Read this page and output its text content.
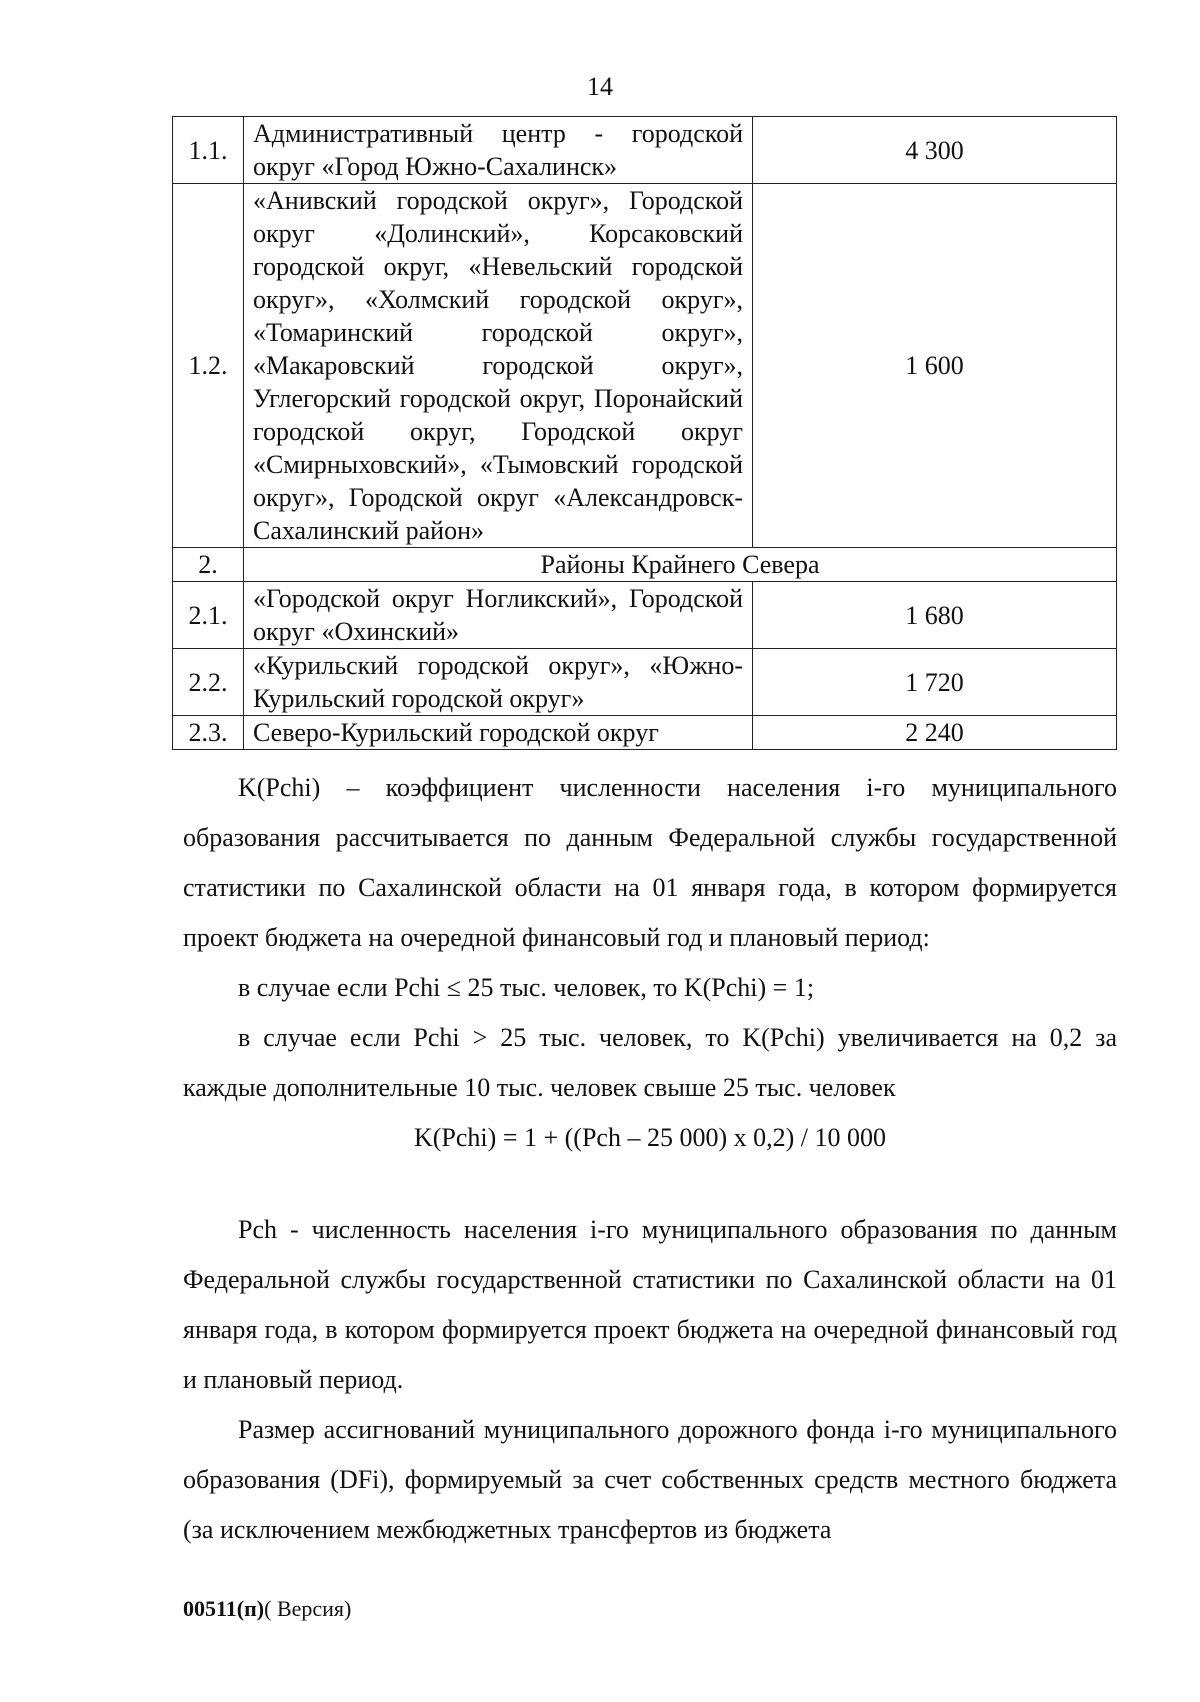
14
1.1.	Административный центр - городской округ «Город Южно-Сахалинск»	4 300
1.2.	«Анивский городской округ», Городской округ «Долинский», Корсаковский городской округ, «Невельский городской округ», «Холмский городской округ», «Томаринский городской округ», «Макаровский городской округ», Углегорский городской округ, Поронайский городской округ, Городской округ «Смирныховский», «Тымовский городской округ», Городской округ «Александровск-Сахалинский район»	1 600
2.	Районы Крайнего Севера	
2.1.	«Городской округ Ногликский», Городской округ «Охинский»	1 680
2.2.	«Курильский городской округ», «Южно-Курильский городской округ»	1 720
2.3.	Северо-Курильский городской округ	2 240

K(Pchi) – коэффициент численности населения i-го муниципального образования рассчитывается по данным Федеральной службы государственной статистики по Сахалинской области на 01 января года, в котором формируется проект бюджета на очередной финансовый год и плановый период:

в случае если Pchi ≤ 25 тыс. человек, то K(Pchi) = 1;

в случае если Pchi > 25 тыс. человек, то K(Pchi) увеличивается на 0,2 за каждые дополнительные 10 тыс. человек свыше 25 тыс. человек

K(Pchi) = 1 + ((Pch – 25 000) x 0,2) / 10 000

Pch - численность населения i-го муниципального образования по данным Федеральной службы государственной статистики по Сахалинской области на 01 января года, в котором формируется проект бюджета на очередной финансовый год и плановый период.

Размер ассигнований муниципального дорожного фонда i-го муниципального образования (DFi), формируемый за счет собственных средств местного бюджета (за исключением межбюджетных трансфертов из бюджета

00511(п)( Версия)
